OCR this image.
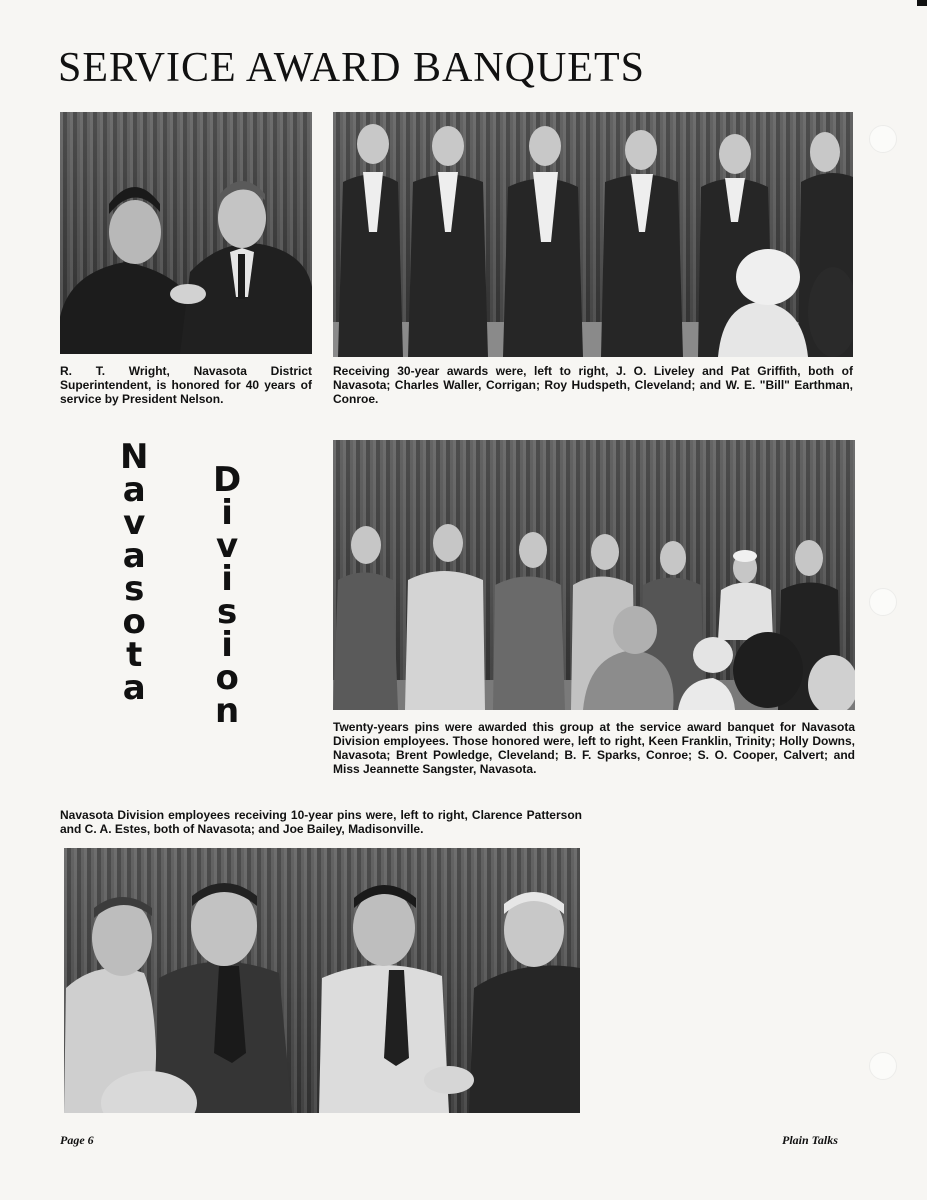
SERVICE AWARD BANQUETS

R. T. Wright, Navasota District Superintendent, is honored for 40 years of service by President Nelson.

Receiving 30-year awards were, left to right, J. O. Liveley and Pat Griffith, both of Navasota; Charles Waller, Corrigan; Roy Hudspeth, Cleveland; and W. E. "Bill" Earthman, Conroe.

N
a
v
a
s
o
t
a
D
i
v
i
s
i
o
n	Twenty-years pins were awarded this group at the service award banquet for Navasota Division employees. Those honored were, left to right, Keen Franklin, Trinity; Holly Downs, Navasota; Brent Powledge, Cleveland; B. F. Sparks, Conroe; S. O. Cooper, Calvert; and Miss Jeannette Sangster, Navasota.

Navasota Division employees receiving 10-year pins were, left to right, Clarence Patterson and C. A. Estes, both of Navasota; and Joe Bailey, Madisonville.

Page 6	Plain Talks
